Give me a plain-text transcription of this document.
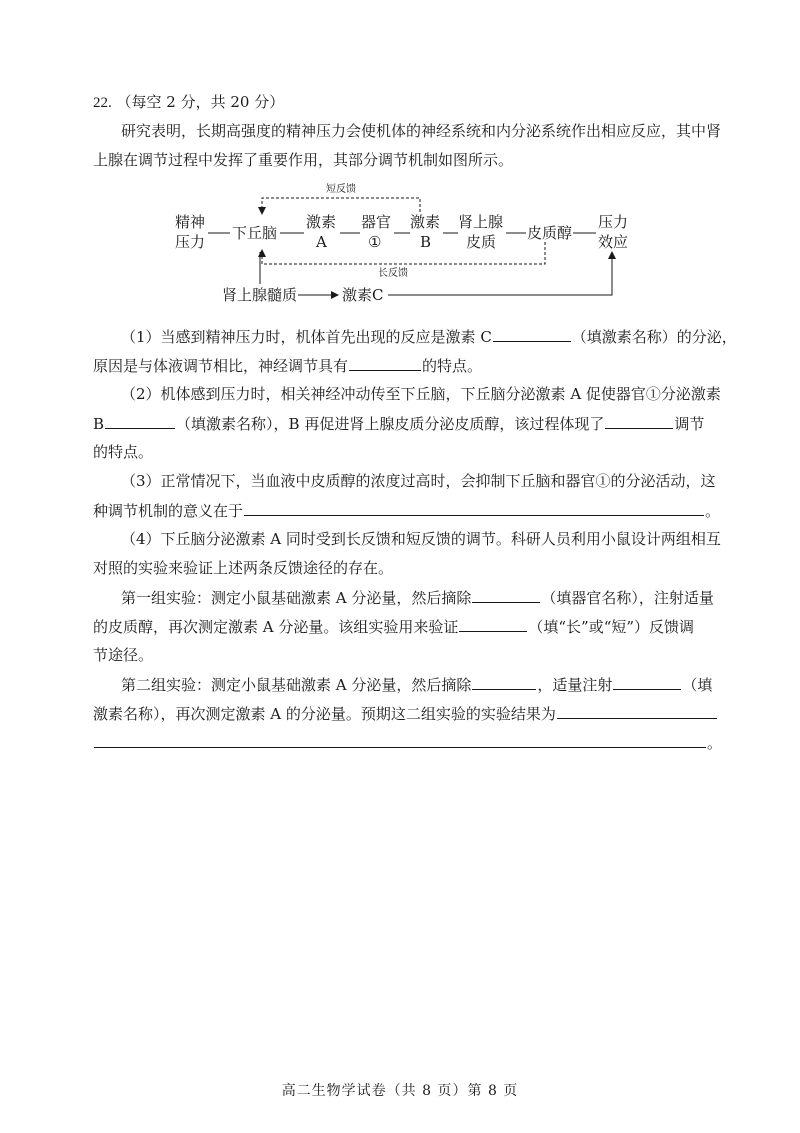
22. （每空 2 分，共 20 分）
研究表明，长期高强度的精神压力会使机体的神经系统和内分泌系统作出相应反应，其中肾
上腺在调节过程中发挥了重要作用，其部分调节机制如图所示。
短反馈
长反馈
精神
压力 下丘脑
激素
A
器官
①
激素
B
肾上腺
皮质 皮质醇
压力
效应
肾上腺髓质	激素C
（1）当感到精神压力时，机体首先出现的反应是激素 C	（填激素名称）的分泌，
原因是与体液调节相比，神经调节具有	的特点。
（2）机体感到压力时，相关神经冲动传至下丘脑，下丘脑分泌激素 A 促使器官①分泌激素
B	（填激素名称），B 再促进肾上腺皮质分泌皮质醇，该过程体现了	调节
的特点。
（3）正常情况下，当血液中皮质醇的浓度过高时，会抑制下丘脑和器官①的分泌活动，这
种调节机制的意义在于	。
（4）下丘脑分泌激素 A 同时受到长反馈和短反馈的调节。科研人员利用小鼠设计两组相互
对照的实验来验证上述两条反馈途径的存在。
第一组实验：测定小鼠基础激素 A 分泌量，然后摘除	（填器官名称），注射适量
的皮质醇，再次测定激素 A 分泌量。该组实验用来验证	（填“长”或“短”）反馈调
节途径。
第二组实验：测定小鼠基础激素 A 分泌量，然后摘除	，适量注射	（填
激素名称），再次测定激素 A 的分泌量。预期这二组实验的实验结果为
。
高二生物学试卷（共 8 页）第 8 页
